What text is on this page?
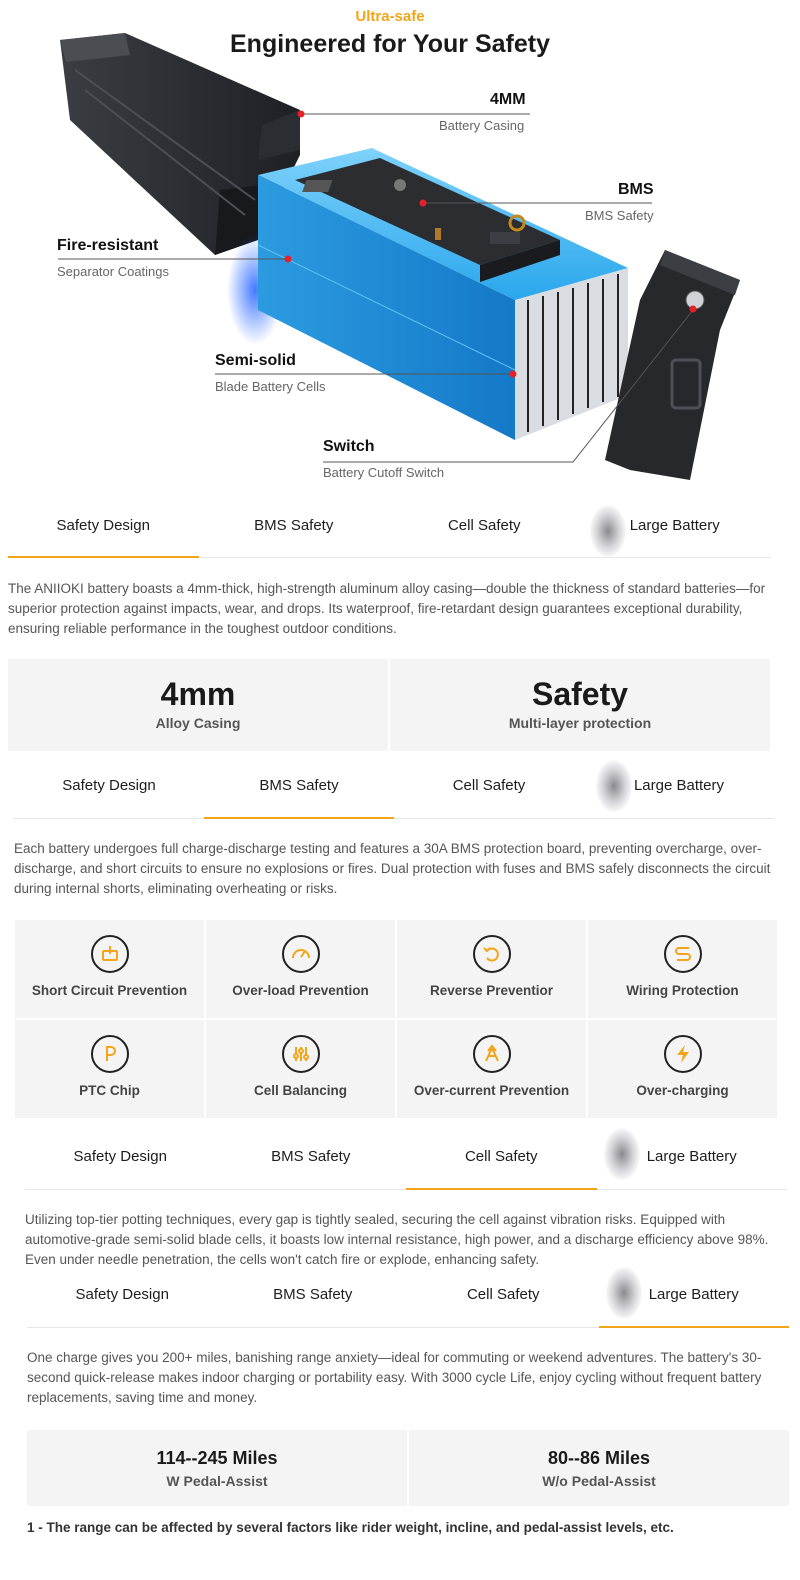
Ultra-safe
Engineered for Your Safety
4MM
Battery Casing
BMS
BMS Safety
Fire-resistant
Separator Coatings
Semi-solid
Blade Battery Cells
Switch
Battery Cutoff Switch
Safety Design	BMS Safety	Cell Safety	Large Battery
The ANIIOKI battery boasts a 4mm-thick, high-strength aluminum alloy casing—double the thickness of standard batteries—for superior protection against impacts, wear, and drops. Its waterproof, fire-retardant design guarantees exceptional durability, ensuring reliable performance in the toughest outdoor conditions.
4mm
Alloy Casing
Safety
Multi-layer protection
Safety Design	BMS Safety	Cell Safety	Large Battery
Each battery undergoes full charge-discharge testing and features a 30A BMS protection board, preventing overcharge, over-discharge, and short circuits to ensure no explosions or fires. Dual protection with fuses and BMS safely disconnects the circuit during internal shorts, eliminating overheating or risks.
Short Circuit Prevention	Over-load Prevention	Reverse Preventior	Wiring Protection
PTC Chip	Cell Balancing	Over-current Prevention	Over-charging
Safety Design	BMS Safety	Cell Safety	Large Battery
Utilizing top-tier potting techniques, every gap is tightly sealed, securing the cell against vibration risks. Equipped with automotive-grade semi-solid blade cells, it boasts low internal resistance, high power, and a discharge efficiency above 98%. Even under needle penetration, the cells won't catch fire or explode, enhancing safety.
Safety Design	BMS Safety	Cell Safety	Large Battery
One charge gives you 200+ miles, banishing range anxiety—ideal for commuting or weekend adventures. The battery's 30-second quick-release makes indoor charging or portability easy. With 3000 cycle Life, enjoy cycling without frequent battery replacements, saving time and money.
114--245 Miles
W Pedal-Assist
80--86 Miles
W/o Pedal-Assist
1 - The range can be affected by several factors like rider weight, incline, and pedal-assist levels, etc.
